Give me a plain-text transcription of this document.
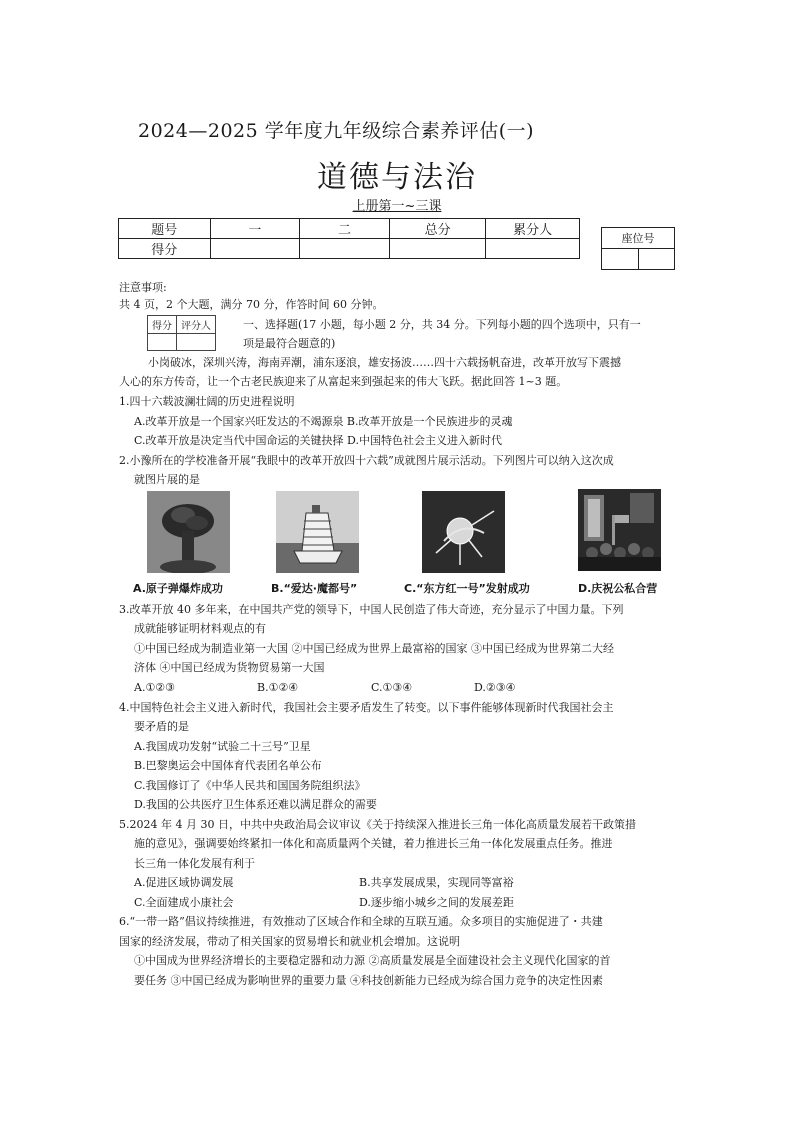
2024—2025 学年度九年级综合素养评估(一)
道德与法治
上册第一~三课
题号	一	二	总分	累分人
得分				
座位号

注意事项:
共 4 页，2 个大题，满分 70 分，作答时间 60 分钟。
得分	评分人
		一、选择题(17 小题，每小题 2 分，共 34 分。下列每小题的四个选项中，只有一
项是最符合题意的)
小岗破冰，深圳兴涛，海南弄潮，浦东逐浪，雄安扬波……四十六载扬帆奋进，改革开放写下震撼
人心的东方传奇，让一个古老民族迎来了从富起来到强起来的伟大飞跃。据此回答 1~3 题。
1.四十六载波澜壮阔的历史进程说明
A.改革开放是一个国家兴旺发达的不竭源泉 B.改革开放是一个民族进步的灵魂
C.改革开放是决定当代中国命运的关键抉择 D.中国特色社会主义进入新时代
2.小豫所在的学校准备开展“我眼中的改革开放四十六载”成就图片展示活动。下列图片可以纳入这次成
就图片展的是
A.原子弹爆炸成功	B.“爱达·魔都号”	C.“东方红一号”发射成功	D.庆祝公私合营
3.改革开放 40 多年来，在中国共产党的领导下，中国人民创造了伟大奇迹，充分显示了中国力量。下列
成就能够证明材料观点的有
①中国已经成为制造业第一大国 ②中国已经成为世界上最富裕的国家 ③中国已经成为世界第二大经
济体 ④中国已经成为货物贸易第一大国
A.①②③	B.①②④	C.①③④	D.②③④
4.中国特色社会主义进入新时代，我国社会主要矛盾发生了转变。以下事件能够体现新时代我国社会主
要矛盾的是
A.我国成功发射“试验二十三号”卫星
B.巴黎奥运会中国体育代表团名单公布
C.我国修订了《中华人民共和国国务院组织法》
D.我国的公共医疗卫生体系还难以满足群众的需要
5.2024 年 4 月 30 日，中共中央政治局会议审议《关于持续深入推进长三角一体化高质量发展若干政策措
施的意见》，强调要始终紧扣一体化和高质量两个关键，着力推进长三角一体化发展重点任务。推进
长三角一体化发展有利于
A.促进区域协调发展	B.共享发展成果，实现同等富裕
C.全面建成小康社会	D.逐步缩小城乡之间的发展差距
6.“一带一路”倡议持续推进，有效推动了区域合作和全球的互联互通。众多项目的实施促进了・共建
国家的经济发展，带动了相关国家的贸易增长和就业机会增加。这说明
①中国成为世界经济增长的主要稳定器和动力源 ②高质量发展是全面建设社会主义现代化国家的首
要任务 ③中国已经成为影响世界的重要力量 ④科技创新能力已经成为综合国力竞争的决定性因素
